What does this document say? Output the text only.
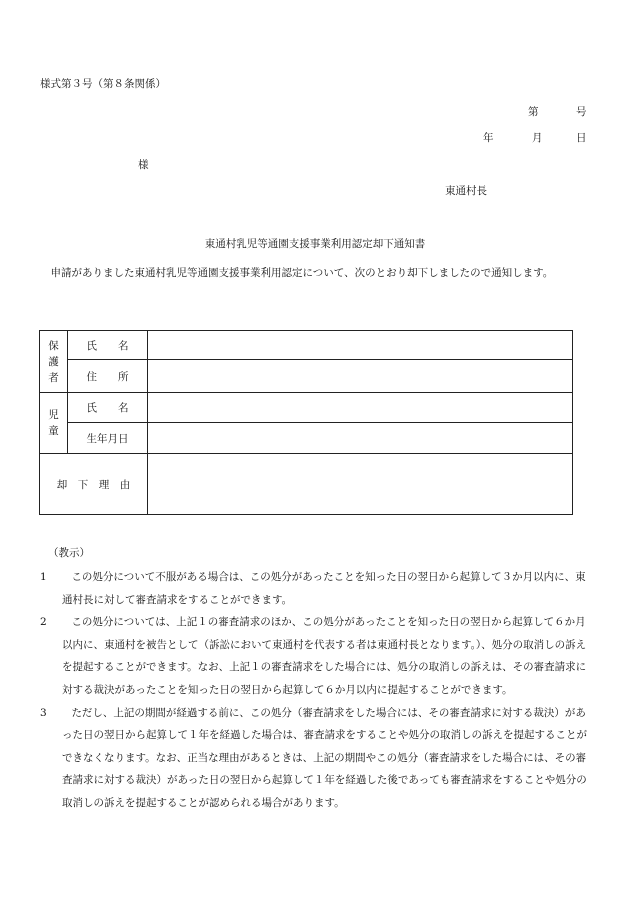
様式第３号（第８条関係）
第	号
年	月	日
様
東通村長
東通村乳児等通園支援事業利用認定却下通知書
申請がありました東通村乳児等通園支援事業利用認定について、次のとおり却下しましたので通知します。
保
護
者	氏　　名	
	住　　所	
児
童	氏　　名	
	生年月日	
却　下　理　由		
（教示）
1	この処分について不服がある場合は、この処分があったことを知った日の翌日から起算して３か月以内に、東通村長に対して審査請求をすることができます。
2	この処分については、上記１の審査請求のほか、この処分があったことを知った日の翌日から起算して６か月以内に、東通村を被告として（訴訟において東通村を代表する者は東通村長となります。）、処分の取消しの訴えを提起することができます。なお、上記１の審査請求をした場合には、処分の取消しの訴えは、その審査請求に対する裁決があったことを知った日の翌日から起算して６か月以内に提起することができます。
3	ただし、上記の期間が経過する前に、この処分（審査請求をした場合には、その審査請求に対する裁決）があった日の翌日から起算して１年を経過した場合は、審査請求をすることや処分の取消しの訴えを提起することができなくなります。なお、正当な理由があるときは、上記の期間やこの処分（審査請求をした場合には、その審査請求に対する裁決）があった日の翌日から起算して１年を経過した後であっても審査請求をすることや処分の取消しの訴えを提起することが認められる場合があります。
